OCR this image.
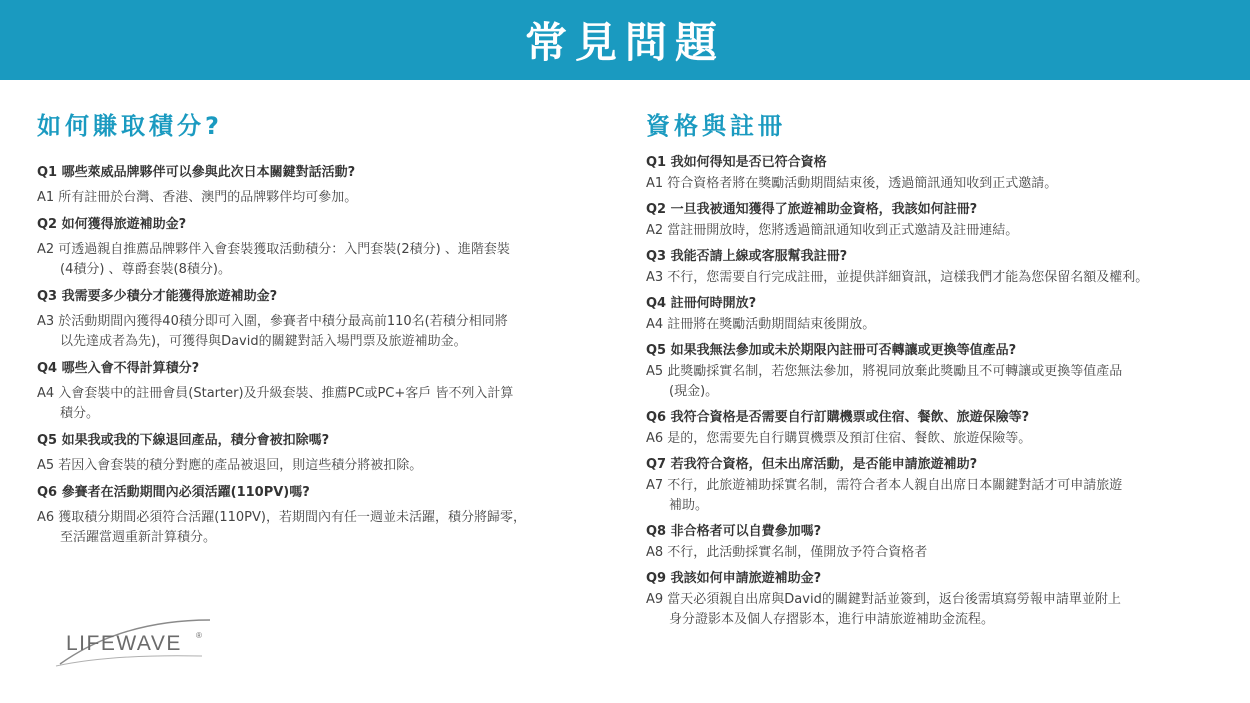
常見問題
如何賺取積分?
Q1 哪些萊威品牌夥伴可以參與此次日本關鍵對話活動?
A1 所有註冊於台灣、香港、澳門的品牌夥伴均可參加。
Q2 如何獲得旅遊補助金?
A2 可透過親自推薦品牌夥伴入會套裝獲取活動積分：入門套裝(2積分) 、進階套裝
(4積分) 、尊爵套裝(8積分)。
Q3 我需要多少積分才能獲得旅遊補助金?
A3 於活動期間內獲得40積分即可入圍，參賽者中積分最高前110名(若積分相同將
以先達成者為先)，可獲得與David的關鍵對話入場門票及旅遊補助金。
Q4 哪些入會不得計算積分?
A4 入會套裝中的註冊會員(Starter)及升級套裝、推薦PC或PC+客戶 皆不列入計算
積分。
Q5 如果我或我的下線退回產品，積分會被扣除嗎?
A5 若因入會套裝的積分對應的產品被退回，則這些積分將被扣除。
Q6 參賽者在活動期間內必須活躍(110PV)嗎?
A6 獲取積分期間必須符合活躍(110PV)，若期間內有任一週並未活躍，積分將歸零，
至活躍當週重新計算積分。
資格與註冊
Q1 我如何得知是否已符合資格
A1 符合資格者將在獎勵活動期間結束後，透過簡訊通知收到正式邀請。
Q2 一旦我被通知獲得了旅遊補助金資格，我該如何註冊?
A2 當註冊開放時，您將透過簡訊通知收到正式邀請及註冊連結。
Q3 我能否請上線或客服幫我註冊?
A3 不行，您需要自行完成註冊，並提供詳細資訊，這樣我們才能為您保留名額及權利。
Q4 註冊何時開放?
A4 註冊將在獎勵活動期間結束後開放。
Q5 如果我無法參加或未於期限內註冊可否轉讓或更換等值產品?
A5 此獎勵採實名制，若您無法參加，將視同放棄此獎勵且不可轉讓或更換等值產品
(現金)。
Q6 我符合資格是否需要自行訂購機票或住宿、餐飲、旅遊保險等?
A6 是的，您需要先自行購買機票及預訂住宿、餐飲、旅遊保險等。
Q7 若我符合資格，但未出席活動，是否能申請旅遊補助?
A7 不行，此旅遊補助採實名制，需符合者本人親自出席日本關鍵對話才可申請旅遊
補助。
Q8 非合格者可以自費參加嗎?
A8 不行，此活動採實名制，僅開放予符合資格者
Q9 我該如何申請旅遊補助金?
A9 當天必須親自出席與David的關鍵對話並簽到，返台後需填寫勞報申請單並附上
身分證影本及個人存摺影本，進行申請旅遊補助金流程。
LIFEWAVE ®
